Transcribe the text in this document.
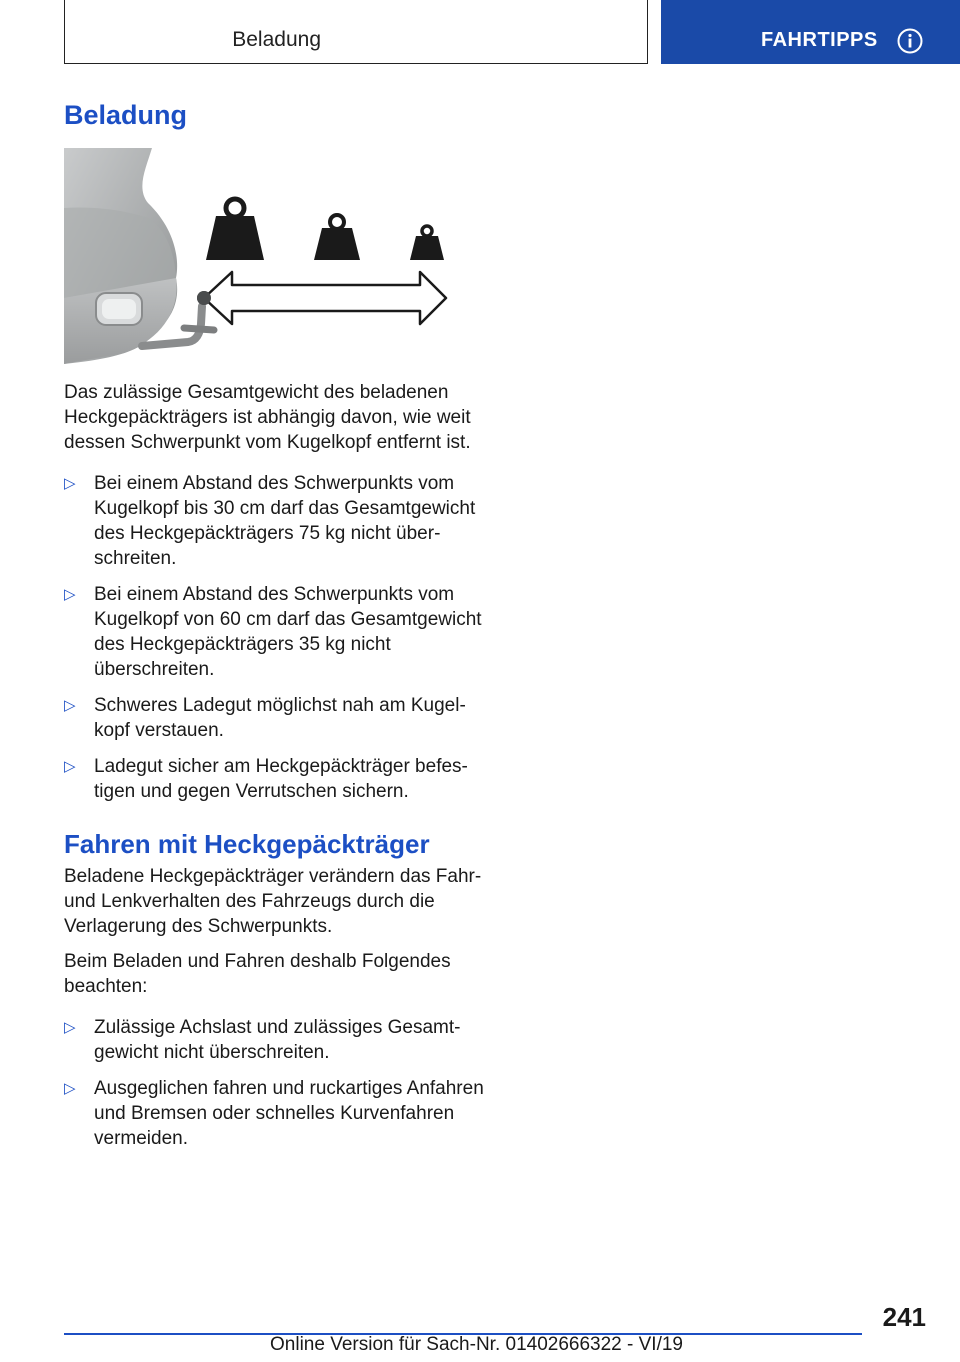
Beladung	FAHRTIPPS
Beladung

Das zulässige Gesamtgewicht des beladenen Heckgepäckträgers ist abhängig davon, wie weit dessen Schwerpunkt vom Kugelkopf entfernt ist.

▷ Bei einem Abstand des Schwerpunkts vom Kugelkopf bis 30 cm darf das Gesamtgewicht des Heckgepäckträgers 75 kg nicht überschreiten.
▷ Bei einem Abstand des Schwerpunkts vom Kugelkopf von 60 cm darf das Gesamtgewicht des Heckgepäckträgers 35 kg nicht überschreiten.
▷ Schweres Ladegut möglichst nah am Kugelkopf verstauen.
▷ Ladegut sicher am Heckgepäckträger befestigen und gegen Verrutschen sichern.
Fahren mit Heckgepäckträger

Beladene Heckgepäckträger verändern das Fahr- und Lenkverhalten des Fahrzeugs durch die Verlagerung des Schwerpunkts.

Beim Beladen und Fahren deshalb Folgendes beachten:

▷ Zulässige Achslast und zulässiges Gesamtgewicht nicht überschreiten.
▷ Ausgeglichen fahren und ruckartiges Anfahren und Bremsen oder schnelles Kurvenfahren vermeiden.
241
Online Version für Sach-Nr. 01402666322 - VI/19
